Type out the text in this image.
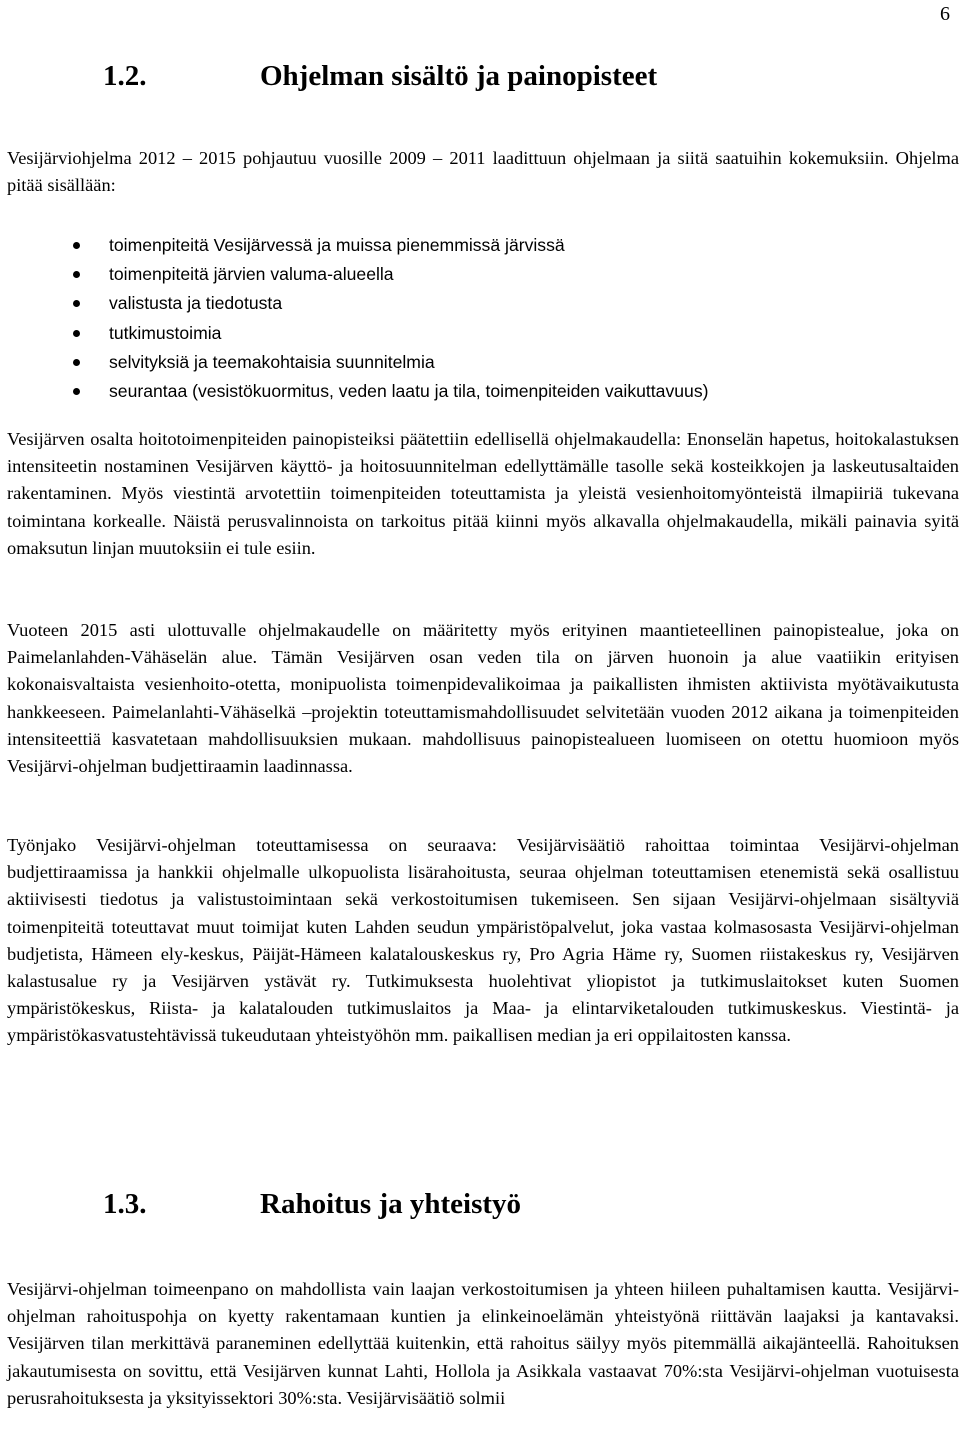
6
1.2.	Ohjelman sisältö ja painopisteet

Vesijärviohjelma 2012 – 2015 pohjautuu vuosille 2009 – 2011 laadittuun ohjelmaan ja siitä saatuihin kokemuksiin. Ohjelma pitää sisällään:

toimenpiteitä Vesijärvessä ja muissa pienemmissä järvissä
toimenpiteitä järvien valuma-alueella
valistusta ja tiedotusta
tutkimustoimia
selvityksiä ja teemakohtaisia suunnitelmia
seurantaa (vesistökuormitus, veden laatu ja tila, toimenpiteiden vaikuttavuus)

Vesijärven osalta hoitotoimenpiteiden painopisteiksi päätettiin edellisellä ohjelmakaudella: Enonselän hapetus, hoitokalastuksen intensiteetin nostaminen Vesijärven käyttö- ja hoitosuunnitelman edellyttämälle tasolle sekä kosteikkojen ja laskeutusaltaiden rakentaminen. Myös viestintä arvotettiin toimenpiteiden toteuttamista ja yleistä vesienhoitomyönteistä ilmapiiriä tukevana toimintana korkealle. Näistä perusvalinnoista on tarkoitus pitää kiinni myös alkavalla ohjelmakaudella, mikäli painavia syitä omaksutun linjan muutoksiin ei tule esiin.

Vuoteen 2015 asti ulottuvalle ohjelmakaudelle on määritetty myös erityinen maantieteellinen painopistealue, joka on Paimelanlahden-Vähäselän alue. Tämän Vesijärven osan veden tila on järven huonoin ja alue vaatiikin erityisen kokonaisvaltaista vesienhoito-otetta, monipuolista toimenpidevalikoimaa ja paikallisten ihmisten aktiivista myötävaikutusta hankkeeseen. Paimelanlahti-Vähäselkä –projektin toteuttamismahdollisuudet selvitetään vuoden 2012 aikana ja toimenpiteiden intensiteettiä kasvatetaan mahdollisuuksien mukaan. mahdollisuus painopistealueen luomiseen on otettu huomioon myös Vesijärvi-ohjelman budjettiraamin laadinnassa.

Työnjako Vesijärvi-ohjelman toteuttamisessa on seuraava: Vesijärvisäätiö rahoittaa toimintaa Vesijärvi-ohjelman budjettiraamissa ja hankkii ohjelmalle ulkopuolista lisärahoitusta, seuraa ohjelman toteuttamisen etenemistä sekä osallistuu aktiivisesti tiedotus ja valistustoimintaan sekä verkostoitumisen tukemiseen. Sen sijaan Vesijärvi-ohjelmaan sisältyviä toimenpiteitä toteuttavat muut toimijat kuten Lahden seudun ympäristöpalvelut, joka vastaa kolmasosasta Vesijärvi-ohjelman budjetista, Hämeen ely-keskus, Päijät-Hämeen kalatalouskeskus ry, Pro Agria Häme ry, Suomen riistakeskus ry, Vesijärven kalastusalue ry ja Vesijärven ystävät ry. Tutkimuksesta huolehtivat yliopistot ja tutkimuslaitokset kuten Suomen ympäristökeskus, Riista- ja kalatalouden tutkimuslaitos ja Maa- ja elintarviketalouden tutkimuskeskus. Viestintä- ja ympäristökasvatustehtävissä tukeudutaan yhteistyöhön mm. paikallisen median ja eri oppilaitosten kanssa.

1.3.	Rahoitus ja yhteistyö

Vesijärvi-ohjelman toimeenpano on mahdollista vain laajan verkostoitumisen ja yhteen hiileen puhaltamisen kautta. Vesijärvi-ohjelman rahoituspohja on kyetty rakentamaan kuntien ja elinkeinoelämän yhteistyönä riittävän laajaksi ja kantavaksi. Vesijärven tilan merkittävä paraneminen edellyttää kuitenkin, että rahoitus säilyy myös pitemmällä aikajänteellä. Rahoituksen jakautumisesta on sovittu, että Vesijärven kunnat Lahti, Hollola ja Asikkala vastaavat 70%:sta Vesijärvi-ohjelman vuotuisesta perusrahoituksesta ja yksityissektori 30%:sta. Vesijärvisäätiö solmii
